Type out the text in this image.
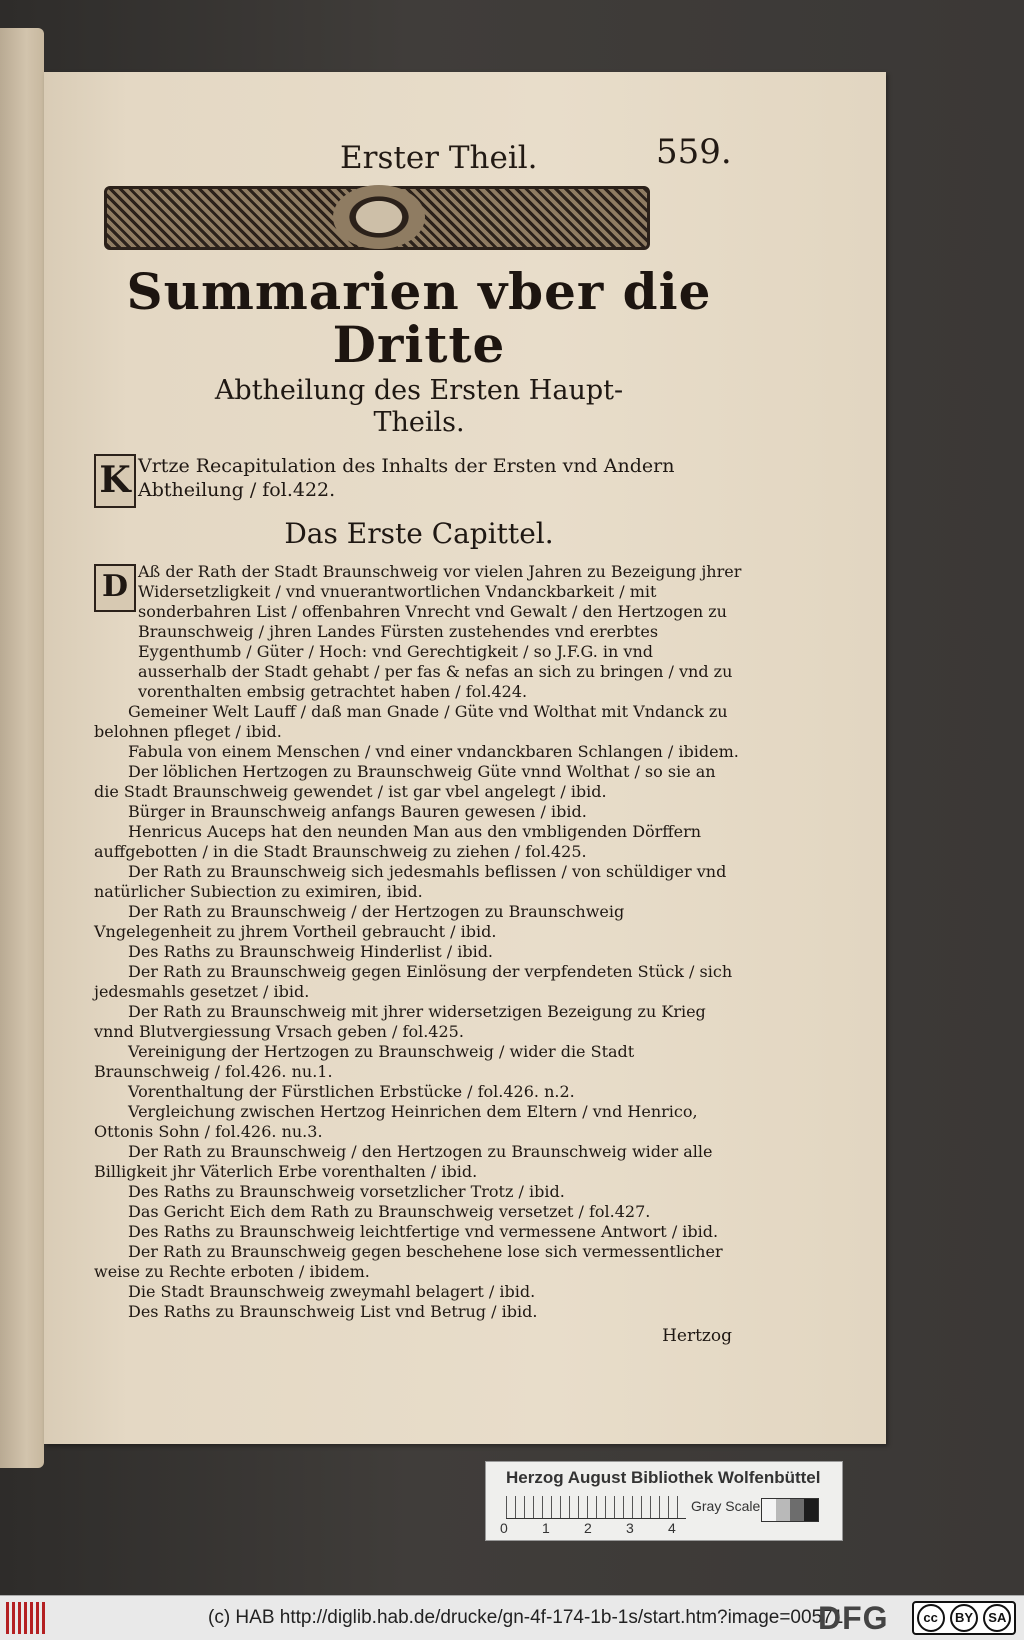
Erster Theil.	559.
Summarien vber die Dritte
Abtheilung des Ersten Haupt-
Theils.
K Vrtze Recapitulation des Inhalts der Ersten vnd Andern Abtheilung / fol.422.
Das Erste Capittel.

D Aß der Rath der Stadt Braunschweig vor vielen Jahren zu Bezeigung jhrer Widersetzligkeit / vnd vnuerantwortlichen Vndanckbarkeit / mit sonderbahren List / offenbahren Vnrecht vnd Gewalt / den Hertzogen zu Braunschweig / jhren Landes Fürsten zustehendes vnd ererbtes Eygenthumb / Güter / Hoch: vnd Gerechtigkeit / so J.F.G. in vnd ausserhalb der Stadt gehabt / per fas & nefas an sich zu bringen / vnd zu vorenthalten embsig getrachtet haben / fol.424.

Gemeiner Welt Lauff / daß man Gnade / Güte vnd Wolthat mit Vndanck zu belohnen pfleget / ibid.

Fabula von einem Menschen / vnd einer vndanckbaren Schlangen / ibidem.

Der löblichen Hertzogen zu Braunschweig Güte vnnd Wolthat / so sie an die Stadt Braunschweig gewendet / ist gar vbel angelegt / ibid.

Bürger in Braunschweig anfangs Bauren gewesen / ibid.

Henricus Auceps hat den neunden Man aus den vmbligenden Dörffern auffgebotten / in die Stadt Braunschweig zu ziehen / fol.425.

Der Rath zu Braunschweig sich jedesmahls beflissen / von schüldiger vnd natürlicher Subiection zu eximiren, ibid.

Der Rath zu Braunschweig / der Hertzogen zu Braunschweig Vngelegenheit zu jhrem Vortheil gebraucht / ibid.

Des Raths zu Braunschweig Hinderlist / ibid.

Der Rath zu Braunschweig gegen Einlösung der verpfendeten Stück / sich jedesmahls gesetzet / ibid.

Der Rath zu Braunschweig mit jhrer widersetzigen Bezeigung zu Krieg vnnd Blutvergiessung Vrsach geben / fol.425.

Vereinigung der Hertzogen zu Braunschweig / wider die Stadt Braunschweig / fol.426. nu.1.

Vorenthaltung der Fürstlichen Erbstücke / fol.426. n.2.

Vergleichung zwischen Hertzog Heinrichen dem Eltern / vnd Henrico, Ottonis Sohn / fol.426. nu.3.

Der Rath zu Braunschweig / den Hertzogen zu Braunschweig wider alle Billigkeit jhr Väterlich Erbe vorenthalten / ibid.

Des Raths zu Braunschweig vorsetzlicher Trotz / ibid.

Das Gericht Eich dem Rath zu Braunschweig versetzet / fol.427.

Des Raths zu Braunschweig leichtfertige vnd vermessene Antwort / ibid.

Der Rath zu Braunschweig gegen beschehene lose sich vermessentlicher weise zu Rechte erboten / ibidem.

Die Stadt Braunschweig zweymahl belagert / ibid.

Des Raths zu Braunschweig List vnd Betrug / ibid.

Hertzog
Herzog August Bibliothek Wolfenbüttel
0 1 2 3 4
Gray Scale
(c) HAB http://diglib.hab.de/drucke/gn-4f-174-1b-1s/start.htm?image=00571
DFG	cc	BY	SA
